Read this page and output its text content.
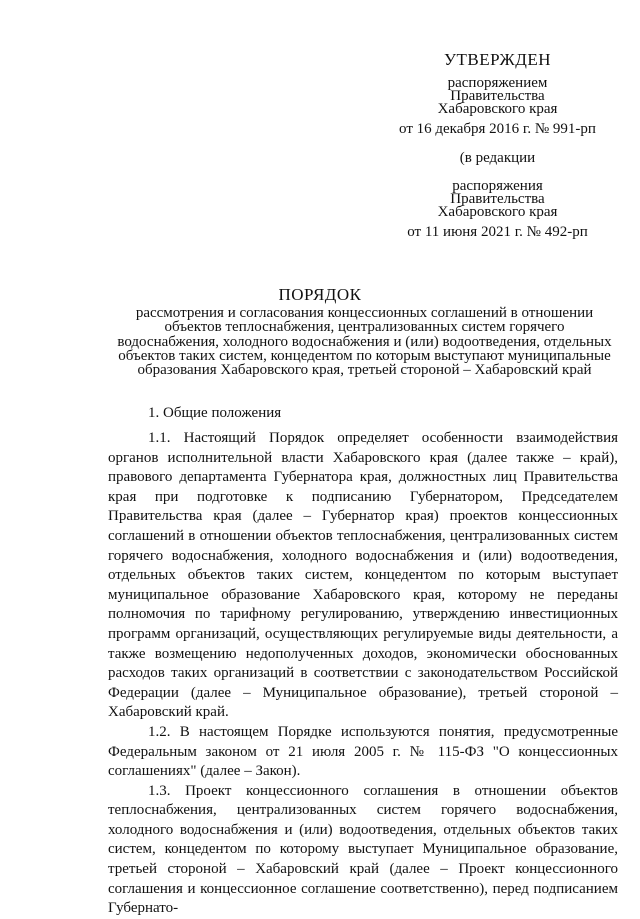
УТВЕРЖДЕН
распоряжением
Правительства
Хабаровского края
от 16 декабря 2016 г. № 991-рп
(в редакции
распоряжения
Правительства
Хабаровского края
от 11 июня 2021 г. № 492-рп
ПОРЯДОК
рассмотрения и согласования концессионных соглашений в отношении объектов теплоснабжения, централизованных систем горячего водоснабжения, холодного водоснабжения и (или) водоотведения, отдельных объектов таких систем, концедентом по которым выступают муниципальные образования Хабаровского края, третьей стороной – Хабаровский край
1. Общие положения

1.1. Настоящий Порядок определяет особенности взаимодействия органов исполнительной власти Хабаровского края (далее также – край), правового департамента Губернатора края, должностных лиц Правительства края при подготовке к подписанию Губернатором, Председателем Правительства края (далее – Губернатор края) проектов концессионных соглашений в отношении объектов теплоснабжения, централизованных систем горячего водоснабжения, холодного водоснабжения и (или) водоотведения, отдельных объектов таких систем, концедентом по которым выступает муниципальное образование Хабаровского края, которому не переданы полномочия по тарифному регулированию, утверждению инвестиционных программ организаций, осуществляющих регулируемые виды деятельности, а также возмещению недополученных доходов, экономически обоснованных расходов таких организаций в соответствии с законодательством Российской Федерации (далее – Муниципальное образование), третьей стороной – Хабаровский край.

1.2. В настоящем Порядке используются понятия, предусмотренные Федеральным законом от 21 июля 2005 г. № 115-ФЗ "О концессионных соглашениях" (далее – Закон).

1.3. Проект концессионного соглашения в отношении объектов теплоснабжения, централизованных систем горячего водоснабжения, холодного водоснабжения и (или) водоотведения, отдельных объектов таких систем, концедентом по которому выступает Муниципальное образование, третьей стороной – Хабаровский край (далее – Проект концессионного соглашения и концессионное соглашение соответственно), перед подписанием Губернато-
